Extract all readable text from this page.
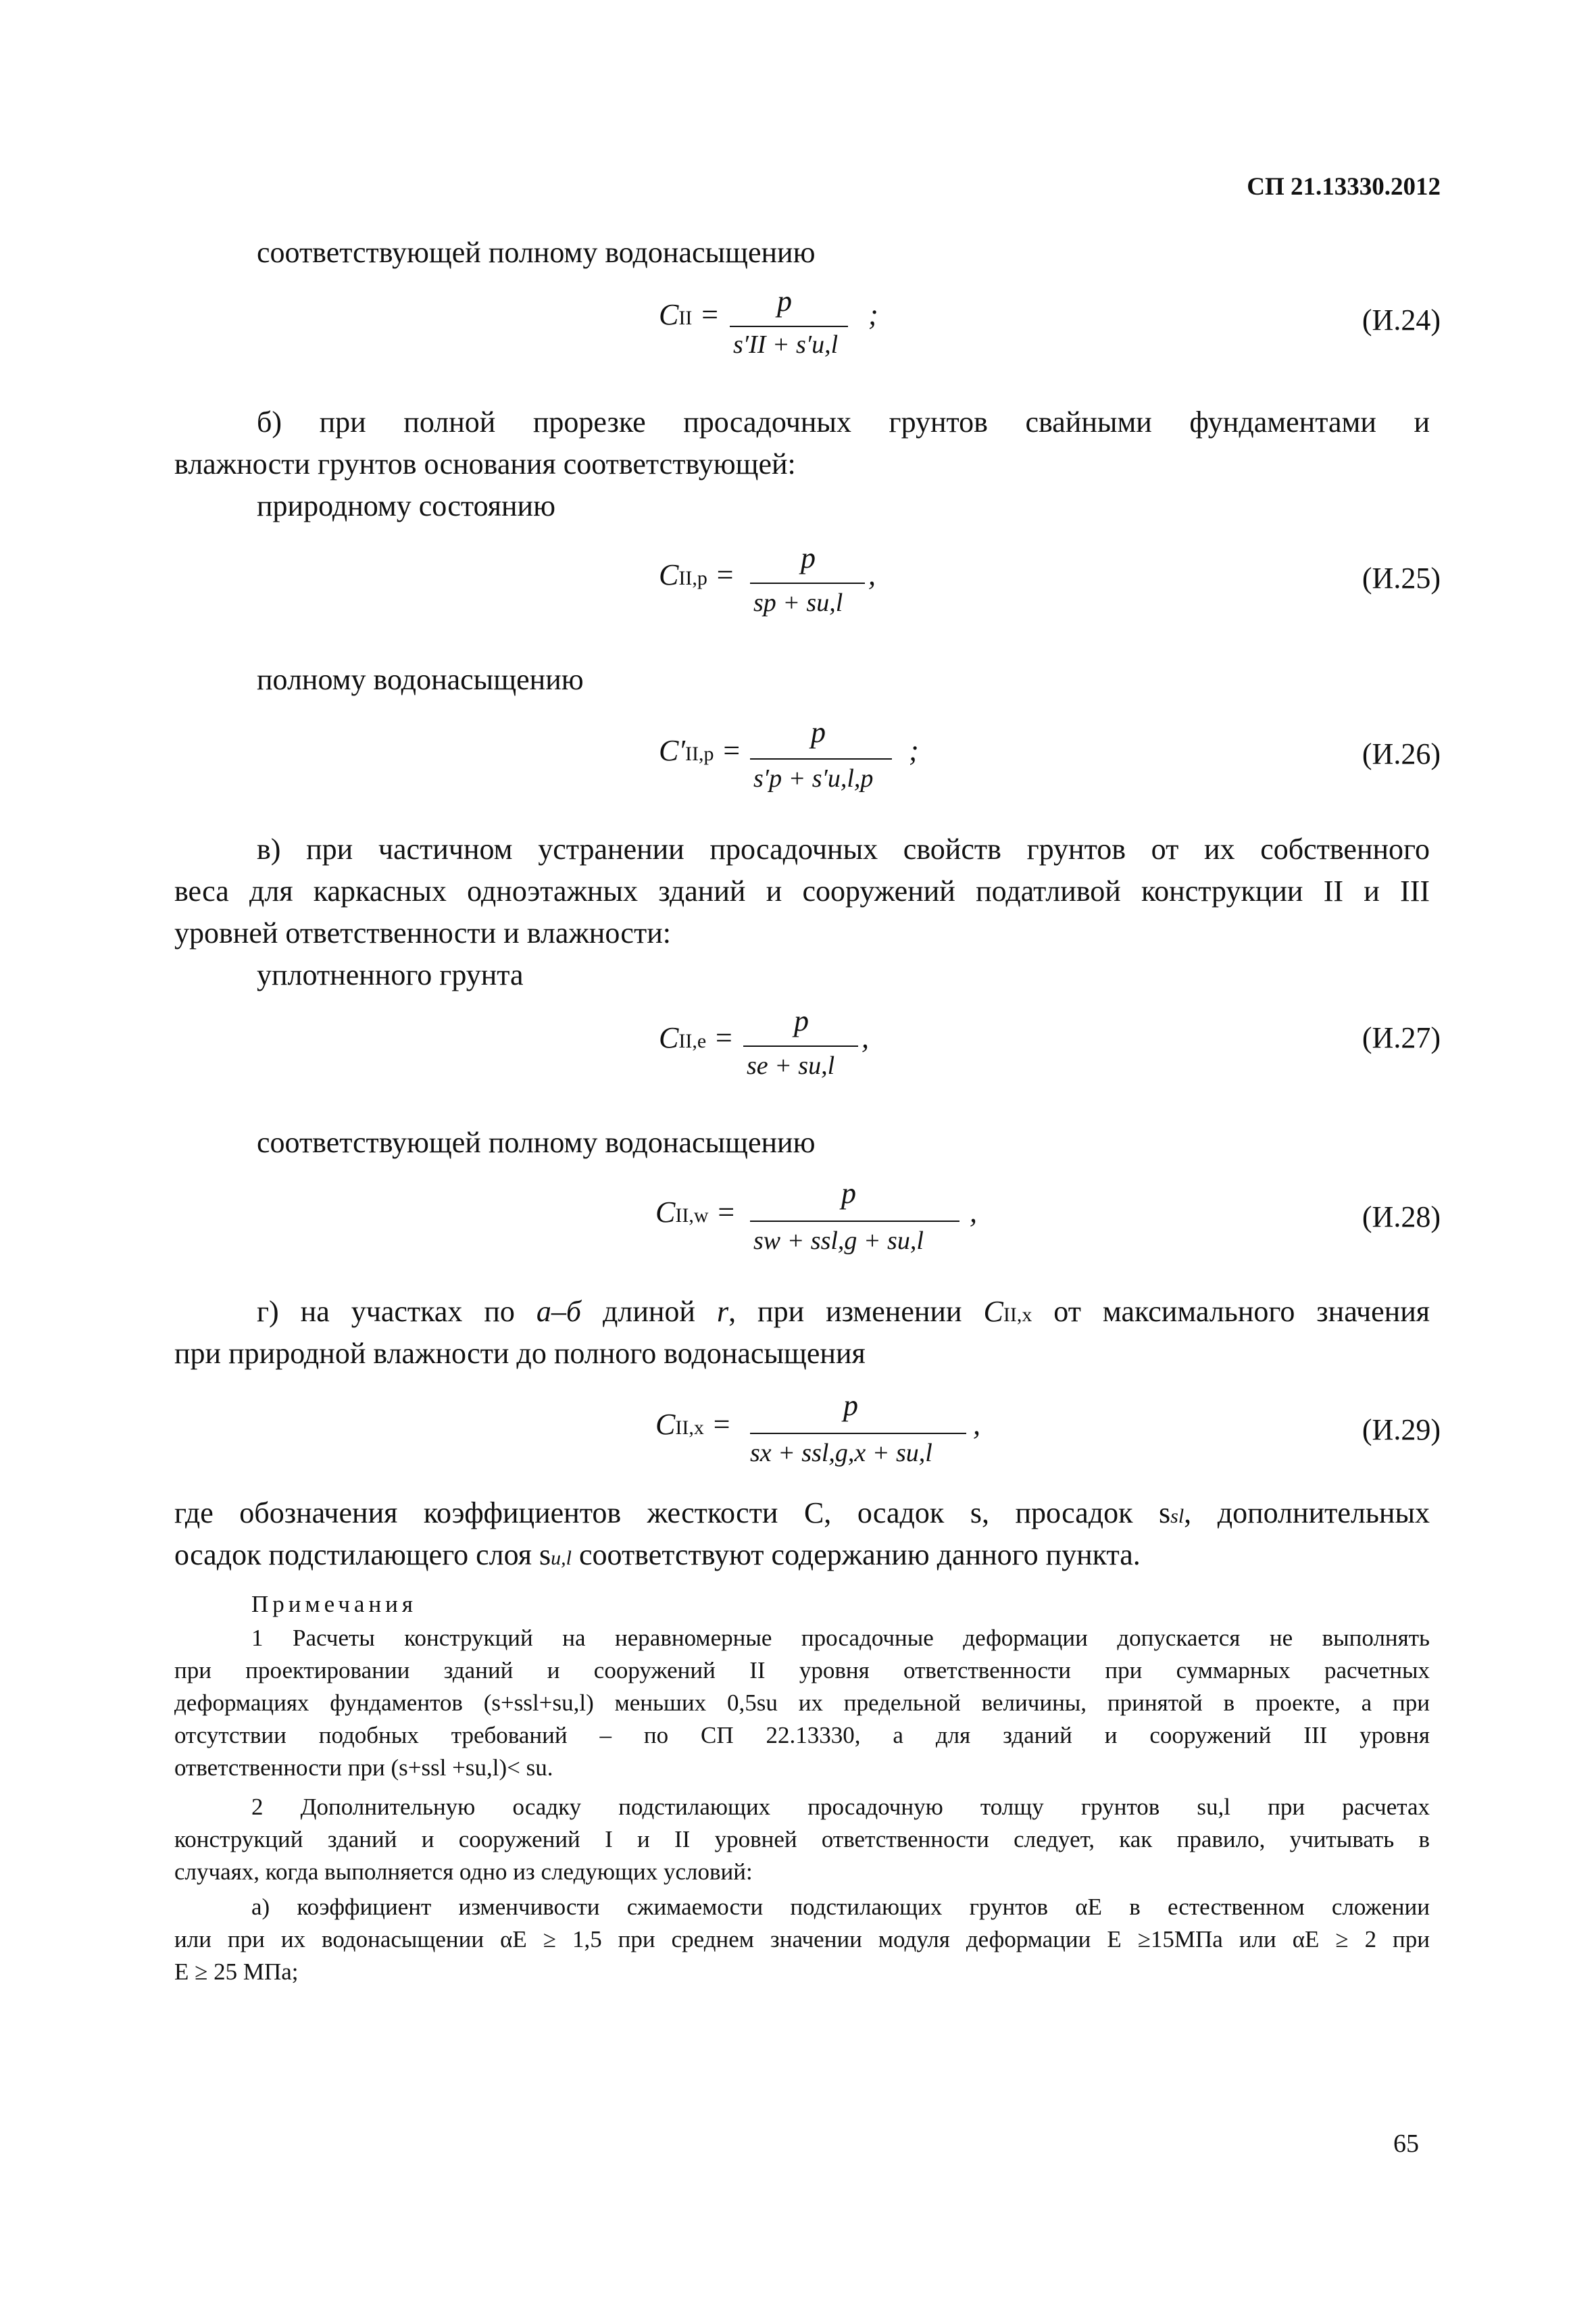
СП 21.13330.2012
соответствующей полному водонасыщению
CII = p
s′II + s′u,l
;	(И.24)
б) при полной прорезке просадочных грунтов свайными фундаментами и
влажности грунтов основания соответствующей:
природному состоянию
CII,p =
p
sp + su,l
,	(И.25)
полному водонасыщению
C′II,p =
p
s′p + s′u,l,p
;	(И.26)
в) при частичном устранении просадочных свойств грунтов от их собственного
веса для каркасных одноэтажных зданий и сооружений податливой конструкции II и III
уровней ответственности и влажности:
уплотненного грунта
CII,e =
p
se + su,l
,	(И.27)
соответствующей полному водонасыщению
CII,w =
p
sw + ssl,g + su,l
,	(И.28)
г) на участках по а–б длиной r, при изменении CII,x от максимального значения
при природной влажности до полного водонасыщения
CII,x =
p
sx + ssl,g,x + su,l
,	(И.29)
где обозначения коэффициентов жесткости C, осадок s, просадок ssl, дополнительных
осадок подстилающего слоя su,l соответствуют содержанию данного пункта.
Примечания
1 Расчеты конструкций на неравномерные просадочные деформации допускается не выполнять
при проектировании зданий и сооружений II уровня ответственности при суммарных расчетных
деформациях фундаментов (s+ssl+su,l) меньших 0,5su их предельной величины, принятой в проекте, а при
отсутствии подобных требований – по СП 22.13330, а для зданий и сооружений III уровня
ответственности при (s+ssl +su,l)< su.
2 Дополнительную осадку подстилающих просадочную толщу грунтов su,l при расчетах
конструкций зданий и сооружений I и II уровней ответственности следует, как правило, учитывать в
случаях, когда выполняется одно из следующих условий:
а) коэффициент изменчивости сжимаемости подстилающих грунтов αE в естественном сложении
или при их водонасыщении αE ≥ 1,5 при среднем значении модуля деформации E ≥15МПа или αE ≥ 2 при
E ≥ 25 МПа;
65
